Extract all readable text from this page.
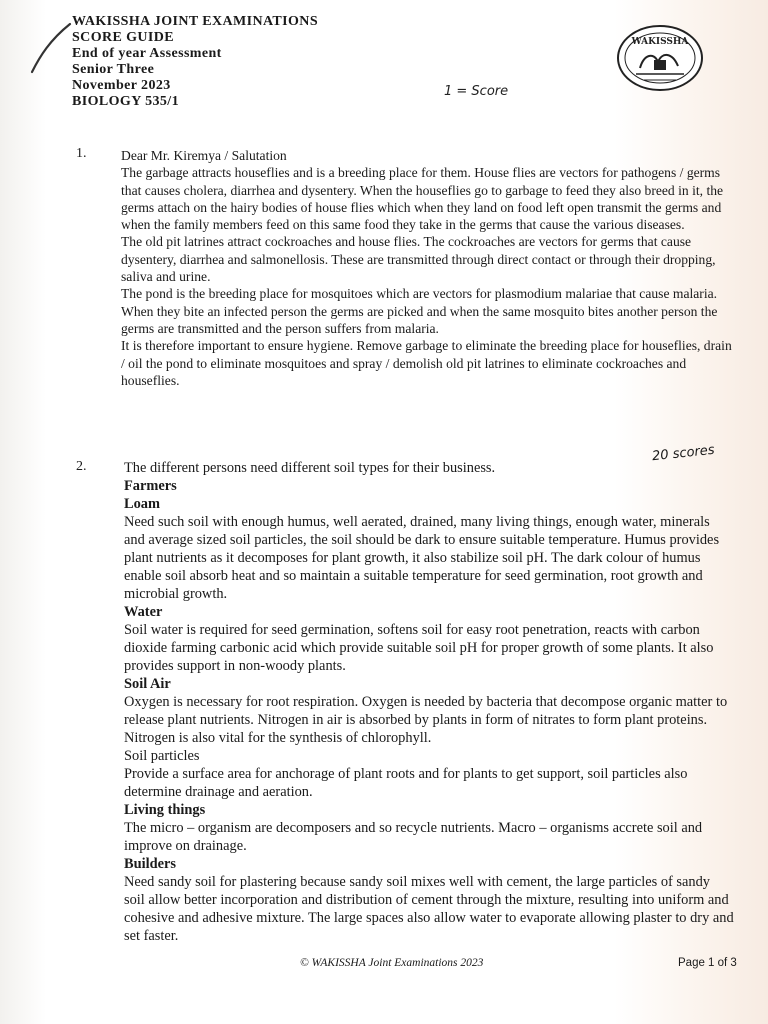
WAKISSHA JOINT EXAMINATIONS
SCORE GUIDE
End of year Assessment
Senior Three
November 2023
BIOLOGY 535/1
WAKISSHA
1 = Score
1.	Dear Mr. Kiremya / Salutation

The garbage attracts houseflies and is a breeding place for them. House flies are vectors for pathogens / germs that causes cholera, diarrhea and dysentery. When the houseflies go to garbage to feed they also breed in it, the germs attach on the hairy bodies of house flies which when they land on food left open transmit the germs and when the family members feed on this same food they take in the germs that cause the various diseases.

The old pit latrines attract cockroaches and house flies. The cockroaches are vectors for germs that cause dysentery, diarrhea and salmonellosis. These are transmitted through direct contact or through their dropping, saliva and urine.

The pond is the breeding place for mosquitoes which are vectors for plasmodium malariae that cause malaria. When they bite an infected person the germs are picked and when the same mosquito bites another person the germs are transmitted and the person suffers from malaria.

It is therefore important to ensure hygiene. Remove garbage to eliminate the breeding place for houseflies, drain / oil the pond to eliminate mosquitoes and spray / demolish old pit latrines to eliminate cockroaches and houseflies.

20 scores
2.	The different persons need different soil types for their business.

Farmers

Loam

Need such soil with enough humus, well aerated, drained, many living things, enough water, minerals and average sized soil particles, the soil should be dark to ensure suitable temperature. Humus provides plant nutrients as it decomposes for plant growth, it also stabilize soil pH. The dark colour of humus enable soil absorb heat and so maintain a suitable temperature for seed germination, root growth and microbial growth.

Water

Soil water is required for seed germination, softens soil for easy root penetration, reacts with carbon dioxide farming carbonic acid which provide suitable soil pH for proper growth of some plants. It also provides support in non-woody plants.

Soil Air

Oxygen is necessary for root respiration. Oxygen is needed by bacteria that decompose organic matter to release plant nutrients. Nitrogen in air is absorbed by plants in form of nitrates to form plant proteins. Nitrogen is also vital for the synthesis of chlorophyll.

Soil particles

Provide a surface area for anchorage of plant roots and for plants to get support, soil particles also determine drainage and aeration.

Living things

The micro – organism are decomposers and so recycle nutrients. Macro – organisms accrete soil and improve on drainage.

Builders

Need sandy soil for plastering because sandy soil mixes well with cement, the large particles of sandy soil allow better incorporation and distribution of cement through the mixture, resulting into uniform and cohesive and adhesive mixture. The large spaces also allow water to evaporate allowing plaster to dry and set faster.

© WAKISSHA Joint Examinations 2023	Page 1 of 3
